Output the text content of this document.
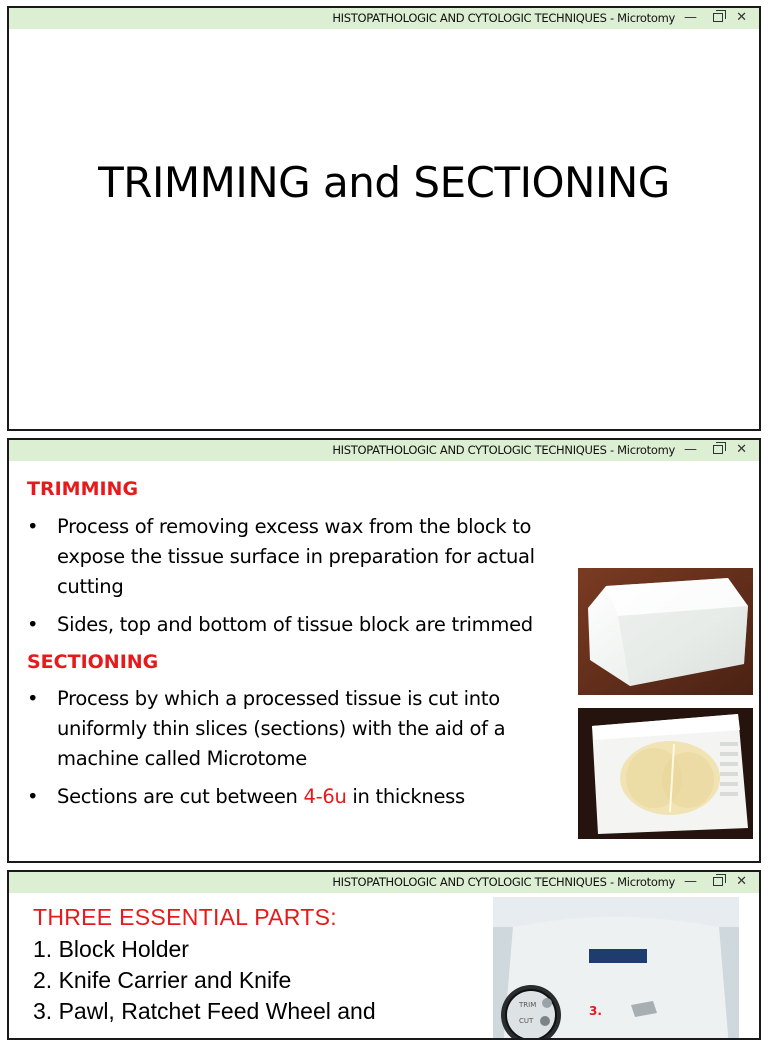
HISTOPATHOLOGIC AND CYTOLOGIC TECHNIQUES - Microtomy —	✕
TRIMMING and SECTIONING
HISTOPATHOLOGIC AND CYTOLOGIC TECHNIQUES - Microtomy —	✕
TRIMMING
• Process of removing excess wax from the block to expose the tissue surface in preparation for actual cutting
• Sides, top and bottom of tissue block are trimmed
SECTIONING
• Process by which a processed tissue is cut into uniformly thin slices (sections) with the aid of a machine called Microtome
• Sections are cut between 4-6u in thickness
HISTOPATHOLOGIC AND CYTOLOGIC TECHNIQUES - Microtomy —	✕
THREE ESSENTIAL PARTS:
1. Block Holder
2. Knife Carrier and Knife
3. Pawl, Ratchet Feed Wheel and	TRIM
CUT
3.
